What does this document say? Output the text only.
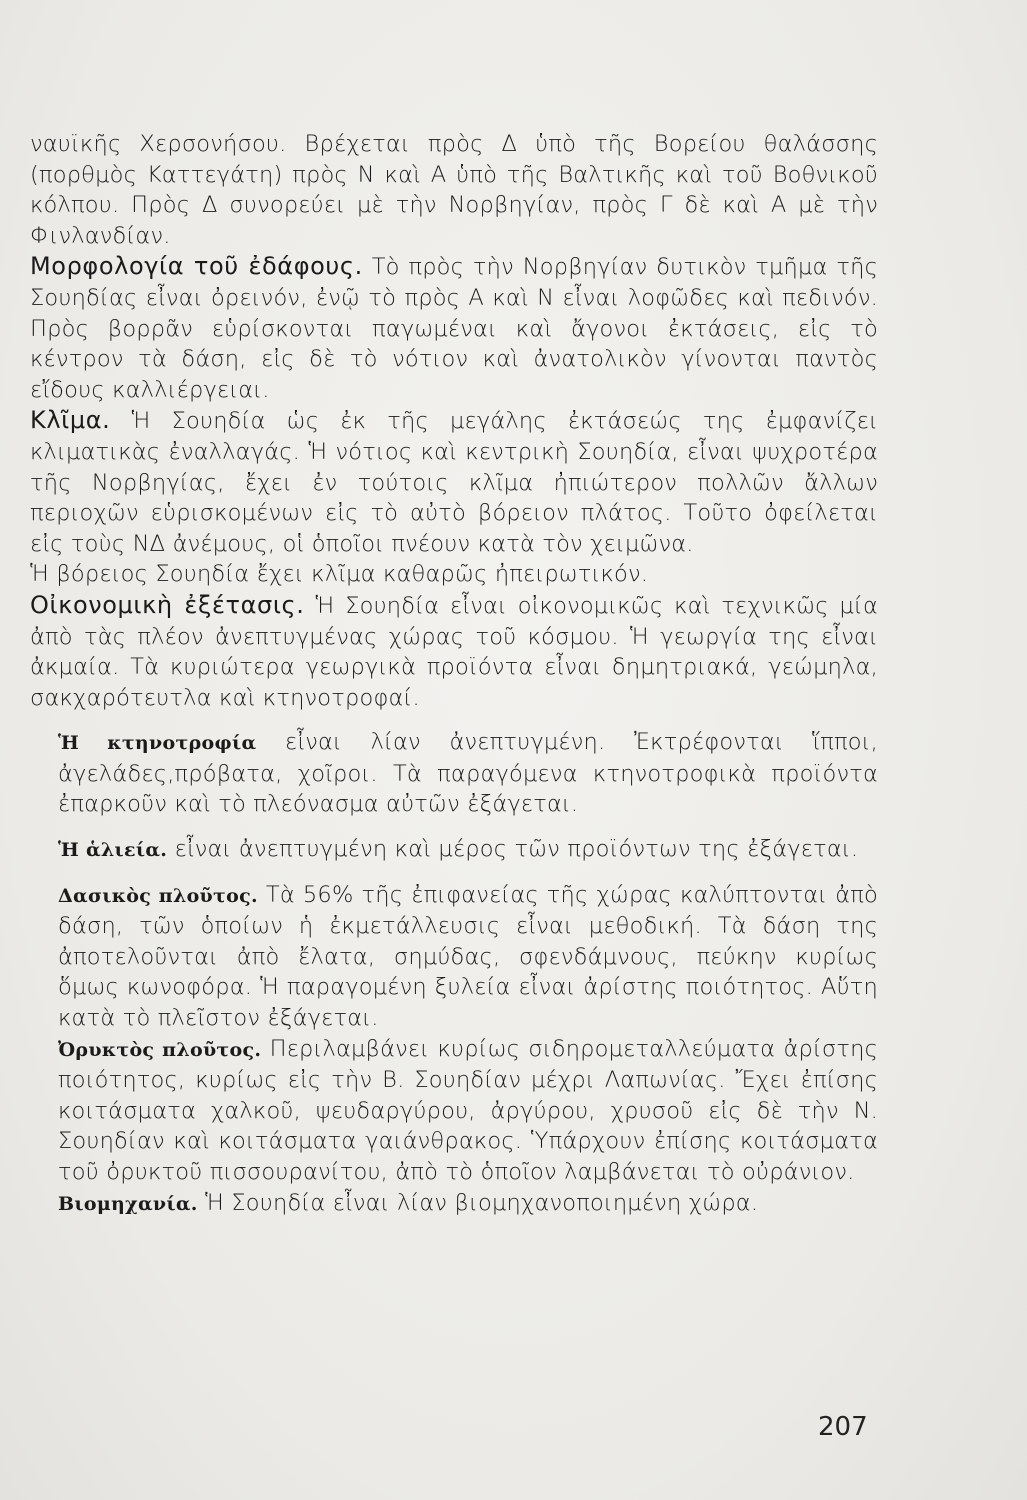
ναυϊκῆς Χερσονήσου. Βρέχεται πρὸς Δ ὑπὸ τῆς Βορείου θαλάσσης (πορθμὸς Καττεγάτη) πρὸς Ν καὶ Α ὑπὸ τῆς Βαλτικῆς καὶ τοῦ Βοθνικοῦ κόλπου. Πρὸς Δ συνορεύει μὲ τὴν Νορβηγίαν, πρὸς Γ δὲ καὶ Α μὲ τὴν Φινλανδίαν.

Μορφολογία τοῦ ἐδάφους. Τὸ πρὸς τὴν Νορβηγίαν δυτικὸν τμῆμα τῆς Σουηδίας εἶναι ὀρεινόν, ἐνῷ τὸ πρὸς Α καὶ Ν εἶναι λοφῶδες καὶ πεδινόν. Πρὸς βορρᾶν εὑρίσκονται παγωμέναι καὶ ἄγονοι ἐκτάσεις, εἰς τὸ κέντρον τὰ δάση, εἰς δὲ τὸ νότιον καὶ ἀνατολικὸν γίνονται παντὸς εἴδους καλλιέργειαι.

Κλῖμα. Ἡ Σουηδία ὡς ἐκ τῆς μεγάλης ἐκτάσεώς της ἐμφανίζει κλιματικὰς ἐναλλαγάς. Ἡ νότιος καὶ κεντρικὴ Σουηδία, εἶναι ψυχροτέρα τῆς Νορβηγίας, ἔχει ἐν τούτοις κλῖμα ἠπιώτερον πολλῶν ἄλλων περιοχῶν εὑρισκομένων εἰς τὸ αὐτὸ βόρειον πλάτος. Τοῦτο ὀφείλεται εἰς τοὺς ΝΔ ἀνέμους, οἱ ὁποῖοι πνέουν κατὰ τὸν χειμῶνα.

Ἡ βόρειος Σουηδία ἔχει κλῖμα καθαρῶς ἠπειρωτικόν.

Οἰκονομικὴ ἐξέτασις. Ἡ Σουηδία εἶναι οἰκονομικῶς καὶ τεχνικῶς μία ἀπὸ τὰς πλέον ἀνεπτυγμένας χώρας τοῦ κόσμου. Ἡ γεωργία της εἶναι ἀκμαία. Τὰ κυριώτερα γεωργικὰ προϊόντα εἶναι δημητριακά, γεώμηλα, σακχαρότευτλα καὶ κτηνοτροφαί.

Ἡ κτηνοτροφία εἶναι λίαν ἀνεπτυγμένη. Ἐκτρέφονται ἵπποι, ἀγελάδες,πρόβατα, χοῖροι. Τὰ παραγόμενα κτηνοτροφικὰ προϊόντα ἐπαρκοῦν καὶ τὸ πλεόνασμα αὐτῶν ἐξάγεται.

Ἡ ἁλιεία. εἶναι ἀνεπτυγμένη καὶ μέρος τῶν προϊόντων της ἐξάγεται.

Δασικὸς πλοῦτος. Τὰ 56% τῆς ἐπιφανείας τῆς χώρας καλύπτονται ἀπὸ δάση, τῶν ὁποίων ἡ ἐκμετάλλευσις εἶναι μεθοδική. Τὰ δάση της ἀποτελοῦνται ἀπὸ ἔλατα, σημύδας, σφενδάμνους, πεύκην κυρίως ὅμως κωνοφόρα. Ἡ παραγομένη ξυλεία εἶναι ἀρίστης ποιότητος. Αὕτη κατὰ τὸ πλεῖστον ἐξάγεται.

Ὀρυκτὸς πλοῦτος. Περιλαμβάνει κυρίως σιδηρομεταλλεύματα ἀρίστης ποιότητος, κυρίως εἰς τὴν Β. Σουηδίαν μέχρι Λαπωνίας. Ἔχει ἐπίσης κοιτάσματα χαλκοῦ, ψευδαργύρου, ἀργύρου, χρυσοῦ εἰς δὲ τὴν Ν. Σουηδίαν καὶ κοιτάσματα γαιάνθρακος. Ὑπάρχουν ἐπίσης κοιτάσματα τοῦ ὀρυκτοῦ πισσουρανίτου, ἀπὸ τὸ ὁποῖον λαμβάνεται τὸ οὐράνιον.

Βιομηχανία. Ἡ Σουηδία εἶναι λίαν βιομηχανοποιημένη χώρα.

207
